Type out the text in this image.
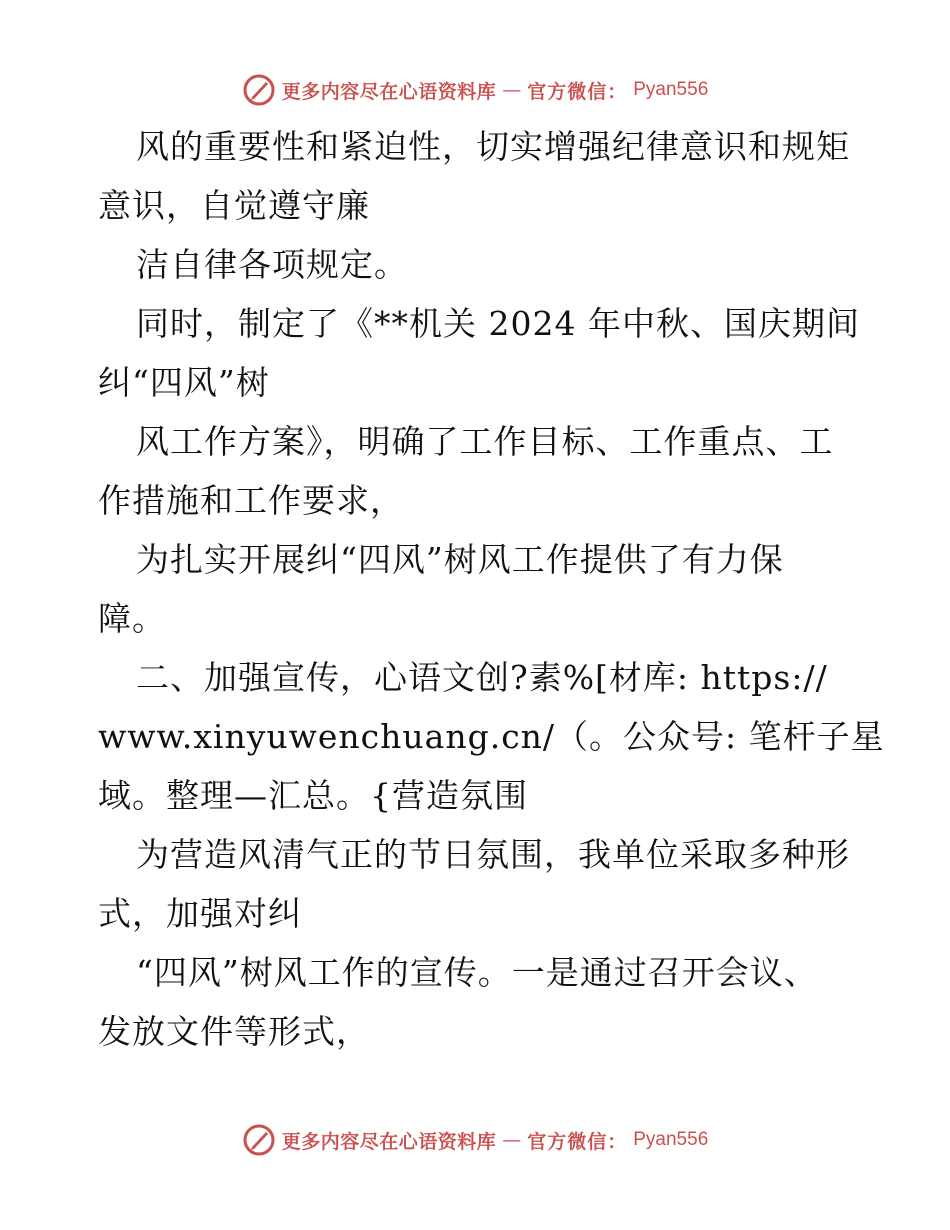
更多内容尽在心语资料库 — 官方微信： Pyan556
风的重要性和紧迫性，切实增强纪律意识和规矩
意识，自觉遵守廉
洁自律各项规定。
同时，制定了《**机关 2024 年中秋、国庆期间
纠“四风”树
风工作方案》，明确了工作目标、工作重点、工
作措施和工作要求，
为扎实开展纠“四风”树风工作提供了有力保
障。
二、加强宣传，心语文创?素%[材库: https://
www.xinyuwenchuang.cn/（。公众号: 笔杆子星
域。整理—汇总。{营造氛围
为营造风清气正的节日氛围，我单位采取多种形
式，加强对纠
“四风”树风工作的宣传。一是通过召开会议、
发放文件等形式，
更多内容尽在心语资料库 — 官方微信： Pyan556
